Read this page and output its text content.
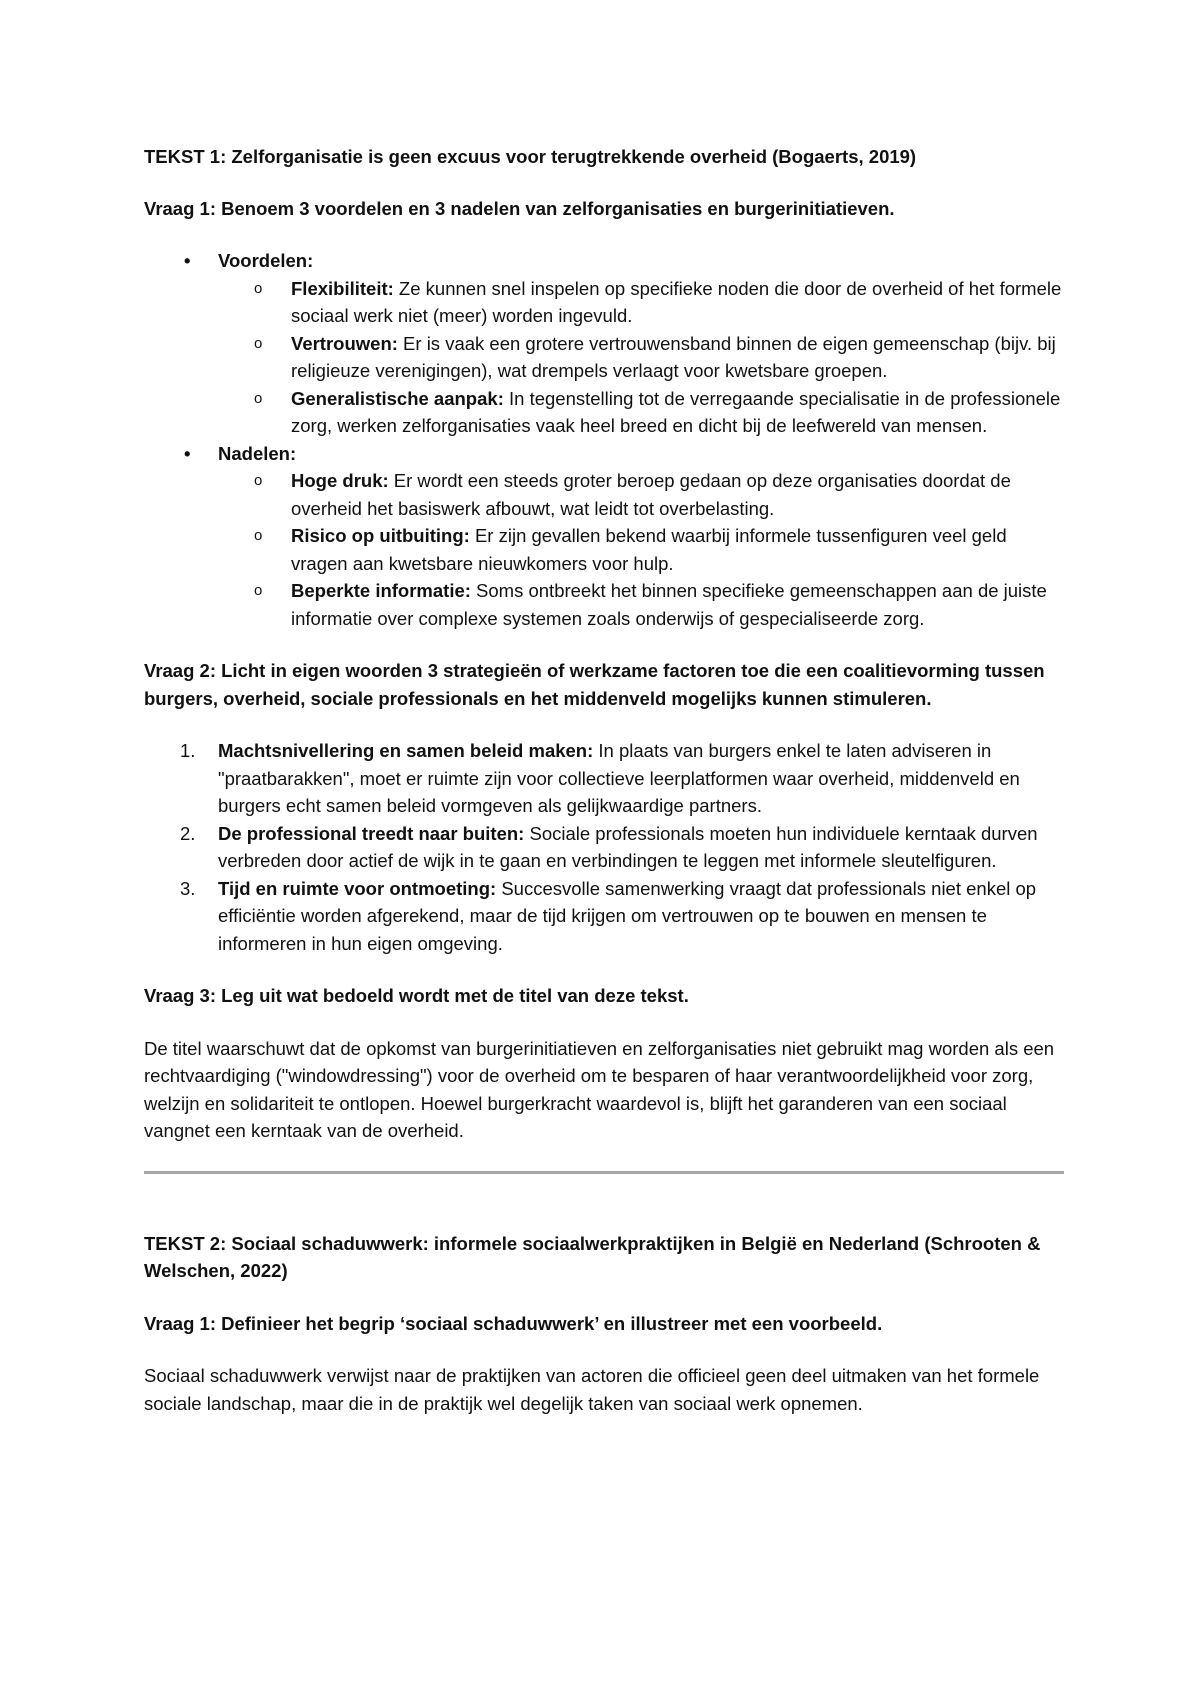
TEKST 1: Zelforganisatie is geen excuus voor terugtrekkende overheid (Bogaerts, 2019)

Vraag 1: Benoem 3 voordelen en 3 nadelen van zelforganisaties en burgerinitiatieven.

• Voordelen:
o Flexibiliteit: Ze kunnen snel inspelen op specifieke noden die door de overheid of het formele sociaal werk niet (meer) worden ingevuld.
o Vertrouwen: Er is vaak een grotere vertrouwensband binnen de eigen gemeenschap (bijv. bij religieuze verenigingen), wat drempels verlaagt voor kwetsbare groepen.
o Generalistische aanpak: In tegenstelling tot de verregaande specialisatie in de professionele zorg, werken zelforganisaties vaak heel breed en dicht bij de leefwereld van mensen.
• Nadelen:
o Hoge druk: Er wordt een steeds groter beroep gedaan op deze organisaties doordat de overheid het basiswerk afbouwt, wat leidt tot overbelasting.
o Risico op uitbuiting: Er zijn gevallen bekend waarbij informele tussenfiguren veel geld vragen aan kwetsbare nieuwkomers voor hulp.
o Beperkte informatie: Soms ontbreekt het binnen specifieke gemeenschappen aan de juiste informatie over complexe systemen zoals onderwijs of gespecialiseerde zorg.

Vraag 2: Licht in eigen woorden 3 strategieën of werkzame factoren toe die een coalitievorming tussen burgers, overheid, sociale professionals en het middenveld mogelijks kunnen stimuleren.

1. Machtsnivellering en samen beleid maken: In plaats van burgers enkel te laten adviseren in "praatbarakken", moet er ruimte zijn voor collectieve leerplatformen waar overheid, middenveld en burgers echt samen beleid vormgeven als gelijkwaardige partners.
2. De professional treedt naar buiten: Sociale professionals moeten hun individuele kerntaak durven verbreden door actief de wijk in te gaan en verbindingen te leggen met informele sleutelfiguren.
3. Tijd en ruimte voor ontmoeting: Succesvolle samenwerking vraagt dat professionals niet enkel op efficiëntie worden afgerekend, maar de tijd krijgen om vertrouwen op te bouwen en mensen te informeren in hun eigen omgeving.

Vraag 3: Leg uit wat bedoeld wordt met de titel van deze tekst.

De titel waarschuwt dat de opkomst van burgerinitiatieven en zelforganisaties niet gebruikt mag worden als een rechtvaardiging ("windowdressing") voor de overheid om te besparen of haar verantwoordelijkheid voor zorg, welzijn en solidariteit te ontlopen. Hoewel burgerkracht waardevol is, blijft het garanderen van een sociaal vangnet een kerntaak van de overheid.

TEKST 2: Sociaal schaduwwerk: informele sociaalwerkpraktijken in België en Nederland (Schrooten & Welschen, 2022)

Vraag 1: Definieer het begrip ‘sociaal schaduwwerk’ en illustreer met een voorbeeld.

Sociaal schaduwwerk verwijst naar de praktijken van actoren die officieel geen deel uitmaken van het formele sociale landschap, maar die in de praktijk wel degelijk taken van sociaal werk opnemen.
